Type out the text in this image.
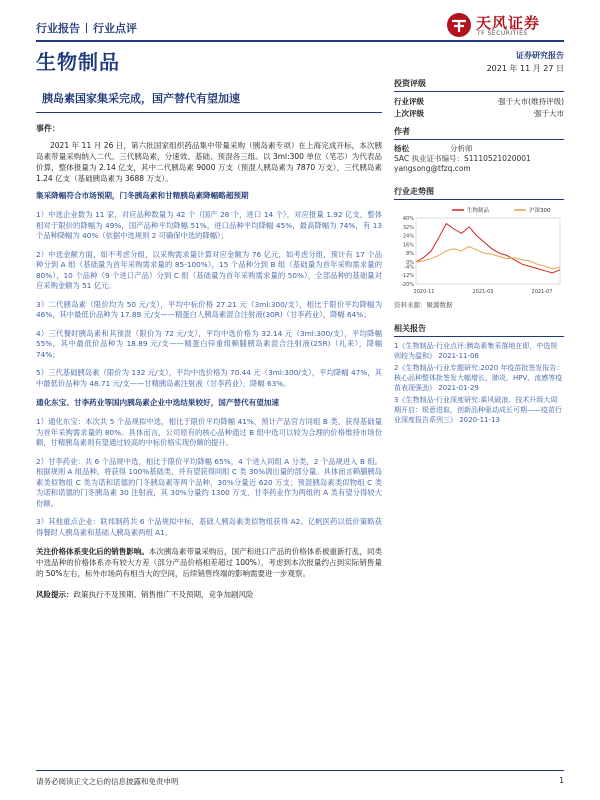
行业报告 行业点评	天风证券
TF SECURITIES
生物制品	证券研究报告
2021 年 11 月 27 日
胰岛素国家集采完成，国产替代有望加速
事件：

2021 年 11 月 26 日，第六批国家组织药品集中带量采购（胰岛素专项）在上海完成开标，本次胰岛素带量采购纳入二代、三代胰岛素，分速效、基础、预混各三组。以 3ml:300 单位（笔芯）为代表品价算，整体报量为 2.14 亿支，其中二代胰岛素 9000 万支（预混人胰岛素为 7870 万支），三代胰岛素 1.24 亿支（基础胰岛素为 3688 万支）。

集采降幅符合市场预期，门冬胰岛素和甘精胰岛素降幅略超预期

1）中选企业数为 11 家，对应品种数量为 42 个（国产 28 个，进口 14 个），对应报量 1.92 亿支，整体相对于限价的降幅为 49%，国产品种平均降幅 51%，进口品种平均降幅 45%，最高降幅为 74%，有 13 个品种降幅为 40%（依据中选规则 2 可确保中选的降幅）；

2）中选金额方面，如不考虑分组，以采购需求量计算对应金额为 76 亿元，如考虑分组，预计有 17 个品种分到 A 组（基础量为首年采购需求量的 85-100%），15 个品种分到 B 组（基础量为首年采购需求量的 80%），10 个品种（9 个进口产品）分到 C 组（基础量为首年采购需求量的 50%），全部品种的基础量对应采购金额为 51 亿元。

3）二代胰岛素（限价均为 50 元/支），平均中标价格 27.21 元（3ml:300/支），相比于限价平均降幅为 46%，其中最低价品种为 17.89 元/支——精蛋白人胰岛素混合注射液(30R)（甘李药业），降幅 64%；

4）三代餐时胰岛素和其预混（限价为 72 元/支），平均中选价格为 32.14 元（3ml:300/支），平均降幅 55%，其中最低价品种为 18.89 元/支——精蛋白锌重组赖脯胰岛素混合注射液(25R)（礼来），降幅 74%；

5）三代基础胰岛素（限价为 132 元/支），平均中选价格为 70.44 元（3ml:300/支），平均降幅 47%，其中最低价品种为 48.71 元/支——甘精胰岛素注射液（甘李药业），降幅 63%。

通化东宝、甘李药业等国内胰岛素企业中选结果较好，国产替代有望加速

1）通化东宝：本次共 5 个品规拟中选，相比于限价平均降幅 41%，预计产品官方同组 B 类，获得基础量为首年采购需求量的 80%。具体而言，公司原有的核心品种通过 B 组中选可以较为合理的价格维持市场份额，甘精胰岛素则有望通过较高的中标价格实现份额的提升。

2）甘李药业：共 6 个品规中选，相比于限价平均降幅 65%，4 个进入同组 A 分类，2 个品规进入 B 组。根据规则 A 组品种，将获得 100%基础类，并有望获得同组 C 类 30%调出量的部分量。具体而言赖脯胰岛素类似物组 C 类为诺和诺德的门冬胰岛素等两个品种，30%分量近 620 万支；预混胰岛素类似物组 C 类为诺和诺德的门冬胰岛素 30 注射液，其 30%分量约 1300 万支，甘李药业作为两组的 A 类有望分得较大份额。

3）其他重点企业：联邦制药共 6 个品规拟中标，基础人胰岛素类似物组获得 A2。亿帆医药以低价策略获得餐时人胰岛素和基础人胰岛素两组 A1。

关注价格体系变化后的销售影响。本次胰岛素带量采购后，国产和进口产品的价格体系被重新打乱，同类中选品种的价格体系亦有较大方差（部分产品价格相差超过 100%），考虑到本次报量约占到实际销售量的 50%左右，标外市场尚有相当大的空间，后续销售终端的影响需要进一步观察。

风险提示：政策执行不及预期、销售推广不及预期，竞争加剧风险

投资评级
行业评级	强于大市(维持评级)
上次评级	强于大市
作者
杨松	分析师
SAC 执业证书编号：S1110521020001
yangsong@tfzq.com
行业走势图
40%
32%
24%
16%
8%
0%
-4%
-12%
-20%
2020-11	2021-03	2021-07
生物制品	沪深300
资料来源：聚源数据
相关报告
1《生物制品-行业点评:胰岛素集采落地在即，中选规则较为温和》 2021-11-06
2《生物制品-行业专题研究:2020 年疫苗批签发报告：核心品种整体批签发大幅增长，肺炎、HPV、流感等疫苗表现强劲》 2021-01-29
3《生物制品-行业深度研究:乘风破浪、技术升级大周期开启：锐意进取，创新品种驱动成长可期——疫苗行业深度报告系列三》 2020-11-13
请务必阅读正文之后的信息披露和免责申明	1
